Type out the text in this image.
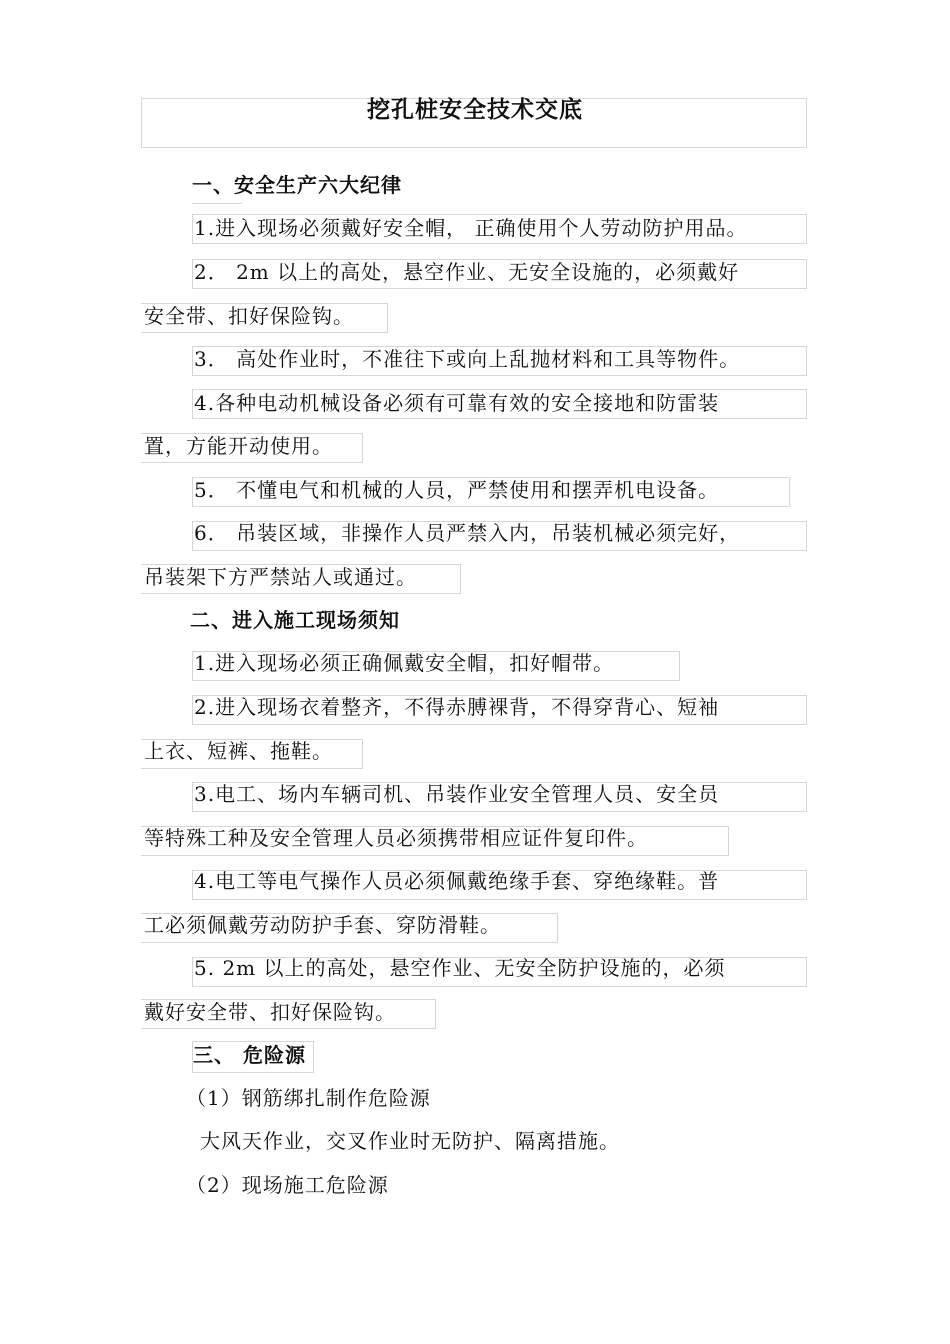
挖孔桩安全技术交底
一、安全生产六大纪律
1.进入现场必须戴好安全帽， 正确使用个人劳动防护用品。
2． 2m 以上的高处，悬空作业、无安全设施的，必须戴好
安全带、扣好保险钩。
3． 高处作业时，不准往下或向上乱抛材料和工具等物件。
4.各种电动机械设备必须有可靠有效的安全接地和防雷装
置，方能开动使用。
5． 不懂电气和机械的人员，严禁使用和摆弄机电设备。
6． 吊装区域，非操作人员严禁入内，吊装机械必须完好，
吊装架下方严禁站人或通过。
二、进入施工现场须知
1.进入现场必须正确佩戴安全帽，扣好帽带。
2.进入现场衣着整齐，不得赤膊裸背，不得穿背心、短袖
上衣、短裤、拖鞋。
3.电工、场内车辆司机、吊装作业安全管理人员、安全员
等特殊工种及安全管理人员必须携带相应证件复印件。
4.电工等电气操作人员必须佩戴绝缘手套、穿绝缘鞋。普
工必须佩戴劳动防护手套、穿防滑鞋。
5. 2m 以上的高处，悬空作业、无安全防护设施的，必须
戴好安全带、扣好保险钩。
三、 危险源
（1）钢筋绑扎制作危险源
大风天作业，交叉作业时无防护、隔离措施。
（2）现场施工危险源
